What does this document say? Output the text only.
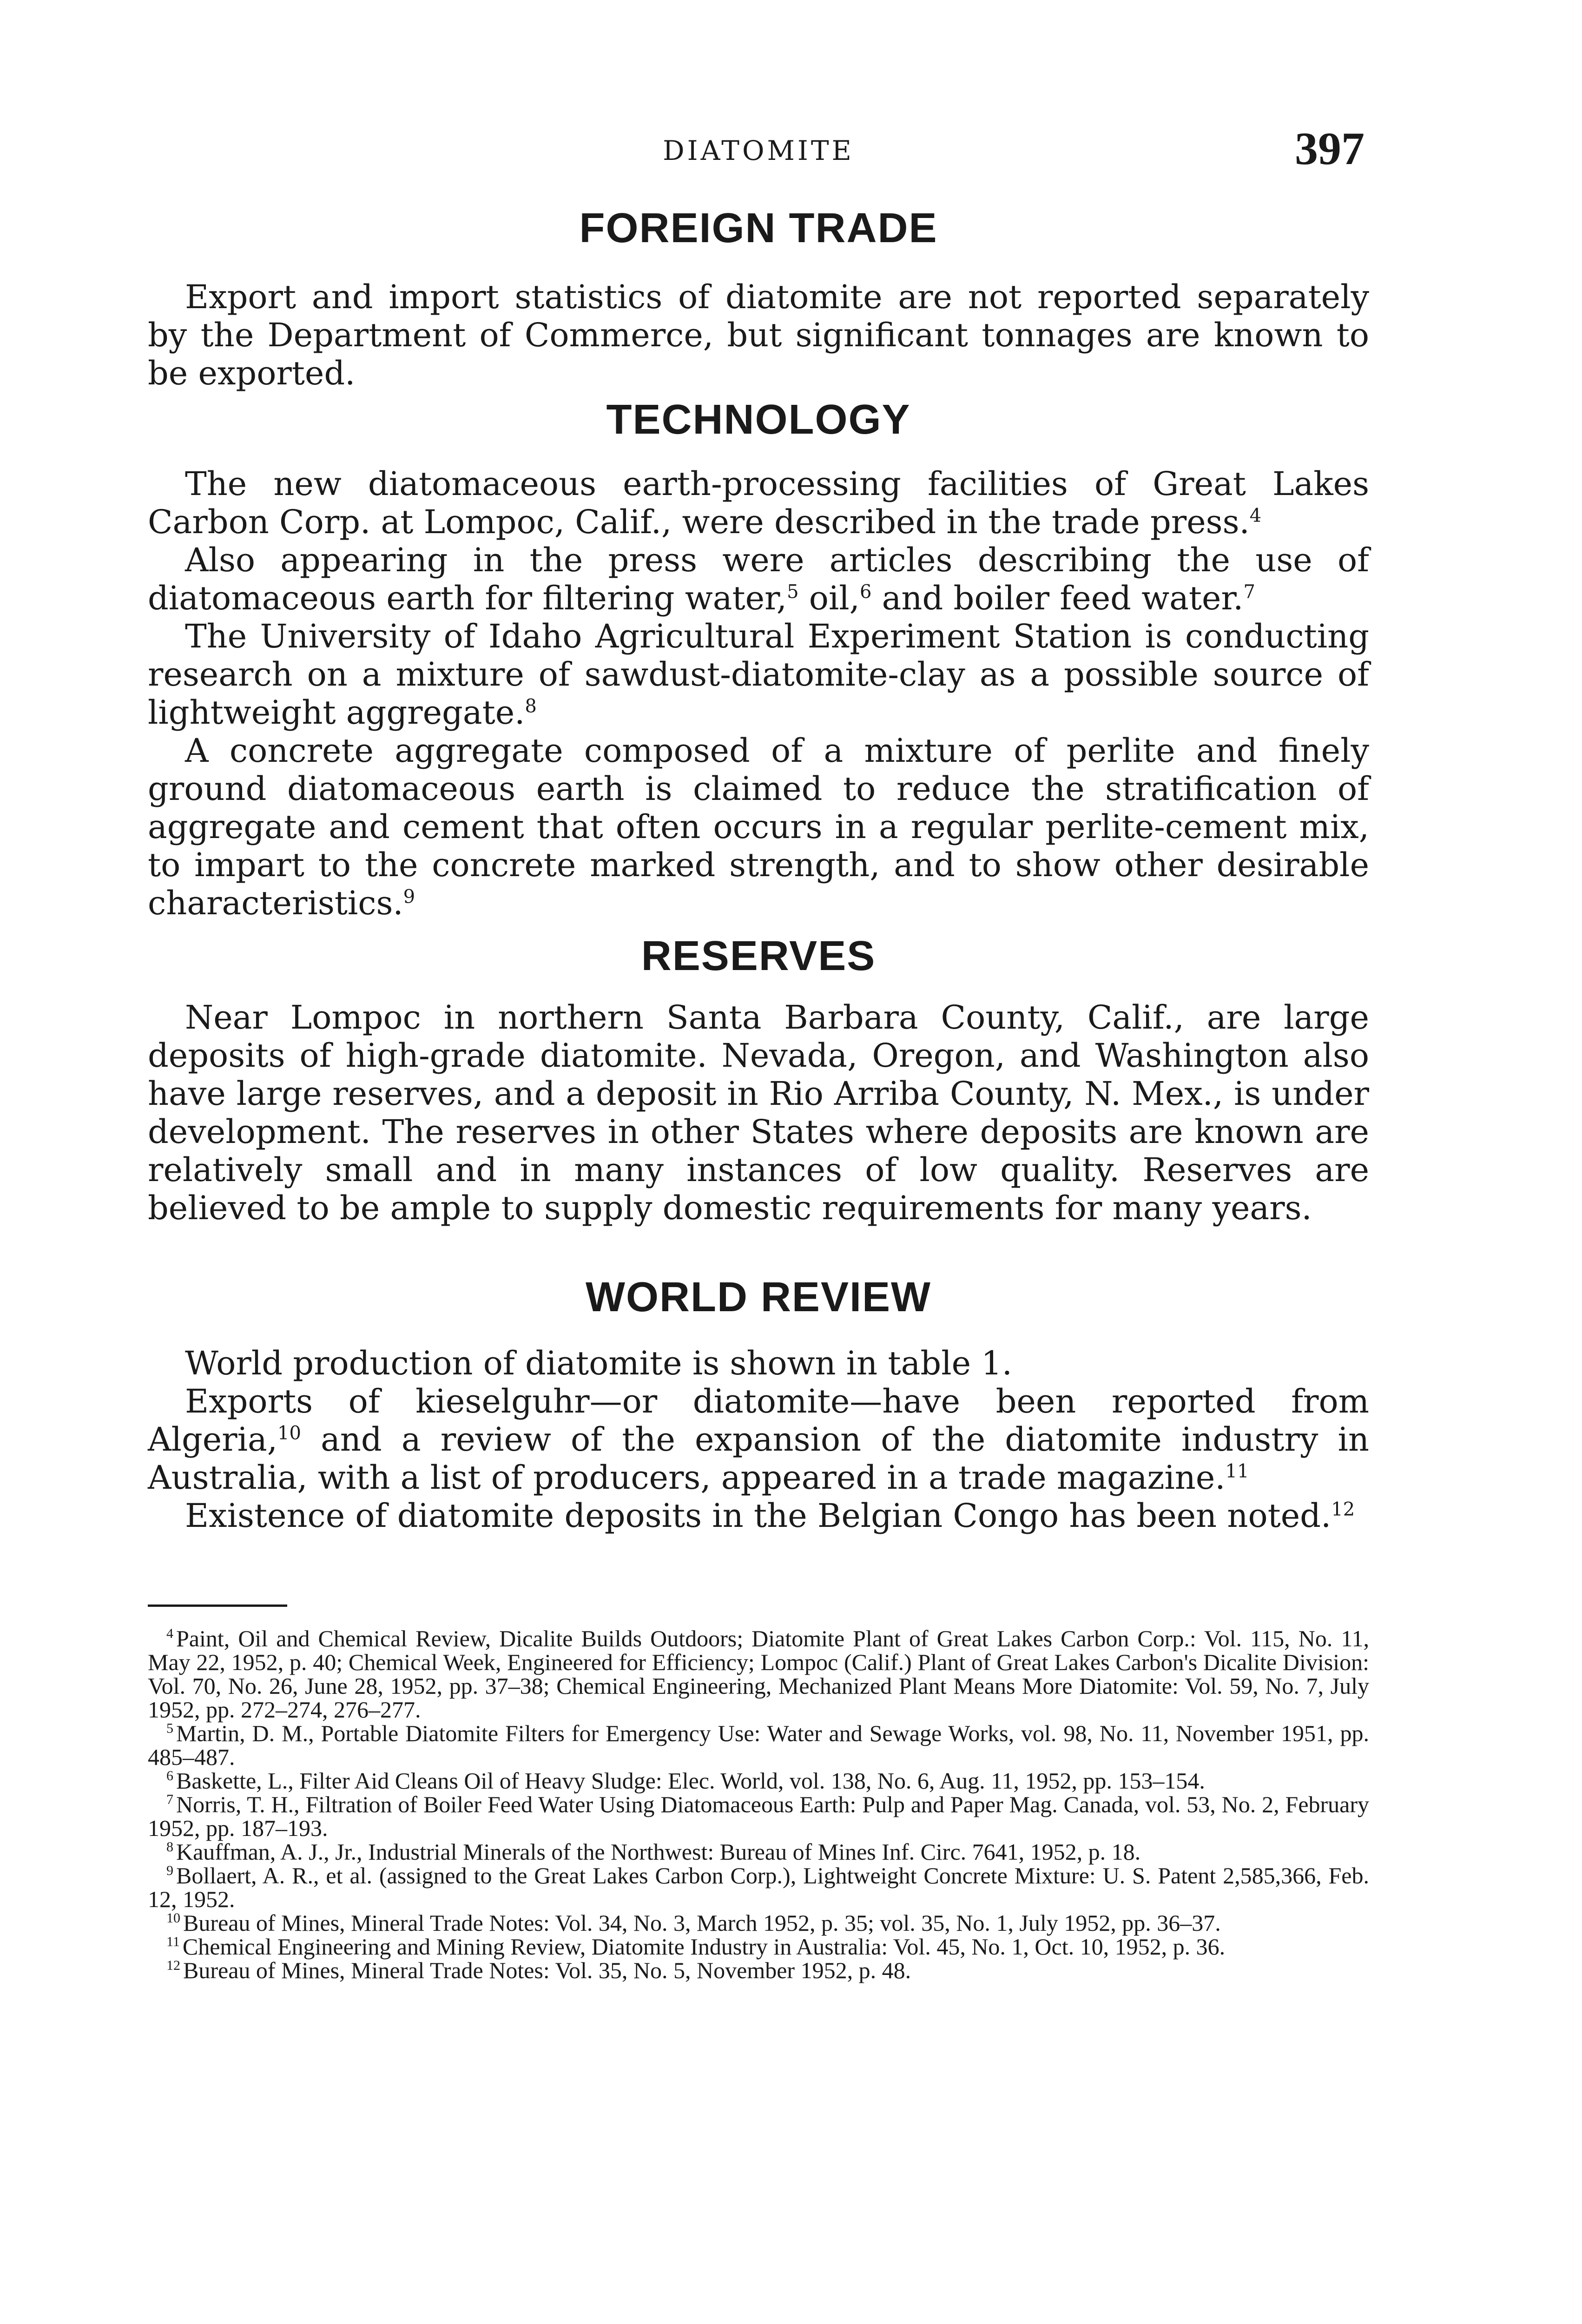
DIATOMITE	397
FOREIGN TRADE

Export and import statistics of diatomite are not reported separately by the Department of Commerce, but significant tonnages are known to be exported.

TECHNOLOGY

The new diatomaceous earth-processing facilities of Great Lakes Carbon Corp. at Lompoc, Calif., were described in the trade press.$^4$

Also appearing in the press were articles describing the use of diatomaceous earth for filtering water,$^5$ oil,$^6$ and boiler feed water.$^7$

The University of Idaho Agricultural Experiment Station is conducting research on a mixture of sawdust-diatomite-clay as a possible source of lightweight aggregate.$^8$

A concrete aggregate composed of a mixture of perlite and finely ground diatomaceous earth is claimed to reduce the stratification of aggregate and cement that often occurs in a regular perlite-cement mix, to impart to the concrete marked strength, and to show other desirable characteristics.$^9$

RESERVES

Near Lompoc in northern Santa Barbara County, Calif., are large deposits of high-grade diatomite. Nevada, Oregon, and Washington also have large reserves, and a deposit in Rio Arriba County, N. Mex., is under development. The reserves in other States where deposits are known are relatively small and in many instances of low quality. Reserves are believed to be ample to supply domestic requirements for many years.

WORLD REVIEW

World production of diatomite is shown in table 1.

Exports of kieselguhr—or diatomite—have been reported from Algeria,$^{10}$ and a review of the expansion of the diatomite industry in Australia, with a list of producers, appeared in a trade magazine.$^{11}$

Existence of diatomite deposits in the Belgian Congo has been noted.$^{12}$

$^4$ Paint, Oil and Chemical Review, Dicalite Builds Outdoors; Diatomite Plant of Great Lakes Carbon Corp.: Vol. 115, No. 11, May 22, 1952, p. 40; Chemical Week, Engineered for Efficiency; Lompoc (Calif.) Plant of Great Lakes Carbon's Dicalite Division: Vol. 70, No. 26, June 28, 1952, pp. 37–38; Chemical Engineering, Mechanized Plant Means More Diatomite: Vol. 59, No. 7, July 1952, pp. 272–274, 276–277.

$^5$ Martin, D. M., Portable Diatomite Filters for Emergency Use: Water and Sewage Works, vol. 98, No. 11, November 1951, pp. 485–487.

$^6$ Baskette, L., Filter Aid Cleans Oil of Heavy Sludge: Elec. World, vol. 138, No. 6, Aug. 11, 1952, pp. 153–154.

$^7$ Norris, T. H., Filtration of Boiler Feed Water Using Diatomaceous Earth: Pulp and Paper Mag. Canada, vol. 53, No. 2, February 1952, pp. 187–193.

$^8$ Kauffman, A. J., Jr., Industrial Minerals of the Northwest: Bureau of Mines Inf. Circ. 7641, 1952, p. 18.

$^9$ Bollaert, A. R., et al. (assigned to the Great Lakes Carbon Corp.), Lightweight Concrete Mixture: U. S. Patent 2,585,366, Feb. 12, 1952.

$^{10}$ Bureau of Mines, Mineral Trade Notes: Vol. 34, No. 3, March 1952, p. 35; vol. 35, No. 1, July 1952, pp. 36–37.

$^{11}$ Chemical Engineering and Mining Review, Diatomite Industry in Australia: Vol. 45, No. 1, Oct. 10, 1952, p. 36.

$^{12}$ Bureau of Mines, Mineral Trade Notes: Vol. 35, No. 5, November 1952, p. 48.
